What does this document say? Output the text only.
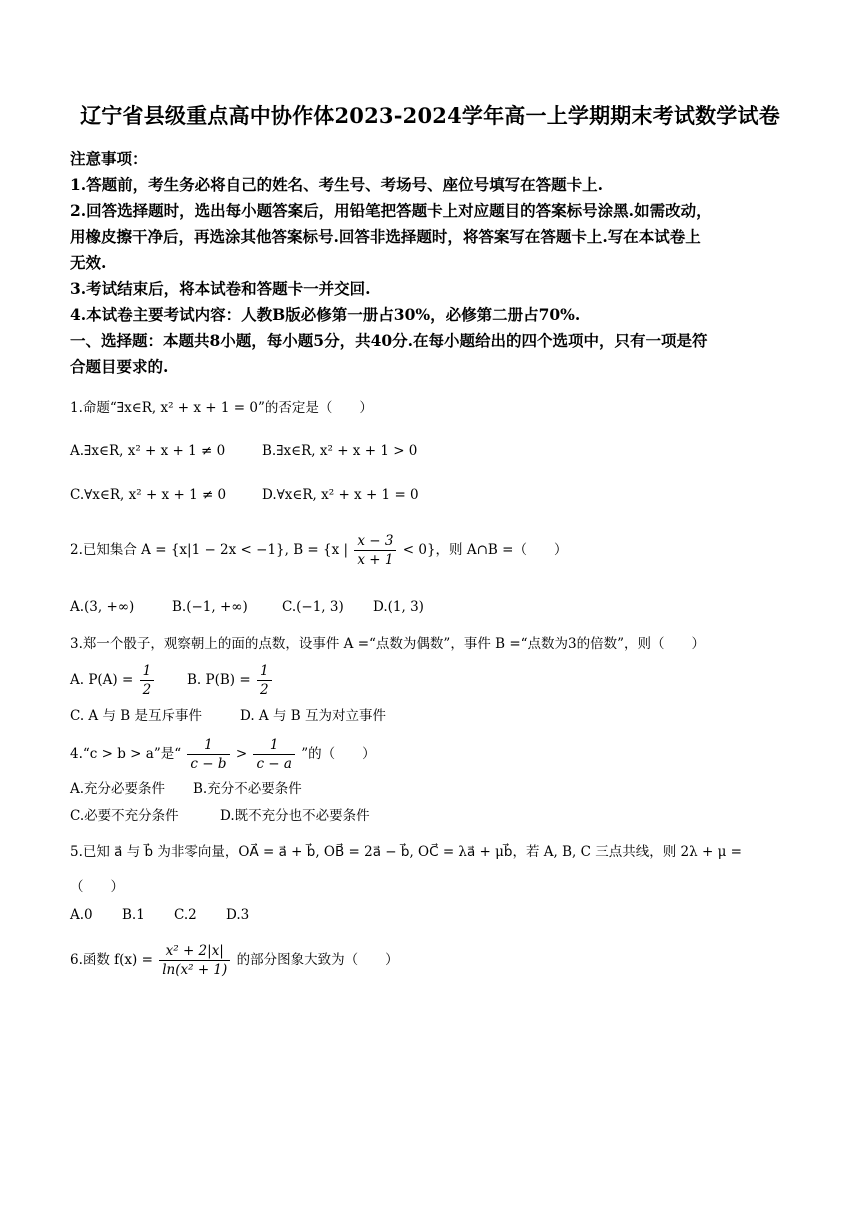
辽宁省县级重点高中协作体2023-2024学年高一上学期期末考试数学试卷
注意事项：
1.答题前，考生务必将自己的姓名、考生号、考场号、座位号填写在答题卡上.
2.回答选择题时，选出每小题答案后，用铅笔把答题卡上对应题目的答案标号涂黑.如需改动，
用橡皮擦干净后，再选涂其他答案标号.回答非选择题时，将答案写在答题卡上.写在本试卷上
无效.
3.考试结束后，将本试卷和答题卡一并交回.
4.本试卷主要考试内容：人教B版必修第一册占30%，必修第二册占70%.
一、选择题：本题共8小题，每小题5分，共40分.在每小题给出的四个选项中，只有一项是符
合题目要求的.
1.命题“∃x∈R, x² + x + 1 = 0”的否定是（　　）
A.∃x∈R, x² + x + 1 ≠ 0	B.∃x∈R, x² + x + 1 > 0
C.∀x∈R, x² + x + 1 ≠ 0	D.∀x∈R, x² + x + 1 = 0
2.已知集合 A = {x|1 − 2x < −1}, B = {x | $\frac{x - 3}{x + 1} < 0$}，则 A∩B =（　　）
A.(3, +∞)	B.(−1, +∞)	C.(−1, 3) D.(1, 3)
3.郑一个骰子，观察朝上的面的点数，设事件 A =“点数为偶数”，事件 B =“点数为3的倍数”，则（　　）
A. $P(A) = \frac{1}{2} B$. $P(B) = \frac{1}{2}$
C. A 与 B 是互斥事件	D. A 与 B 互为对立事件
4.“c > b > a”是“ $\frac{1}{c - b} > \frac{1}{c - a}$ ”的（　　）
A.充分必要条件 B.充分不必要条件
C.必要不充分条件	D.既不充分也不必要条件
5.已知 a⃗ 与 b⃗ 为非零向量，OA⃗ = a⃗ + b⃗, OB⃗ = 2a⃗ − b⃗, OC⃗ = λa⃗ + μb⃗，若 A, B, C 三点共线，则 2λ + μ =
（　　）
A.0 B.1 C.2 D.3
6.函数 $f(x) = \frac{\text{x² + 2|x|}}{\text{ln(x² + 1)}}$ 的部分图象大致为（　　）
